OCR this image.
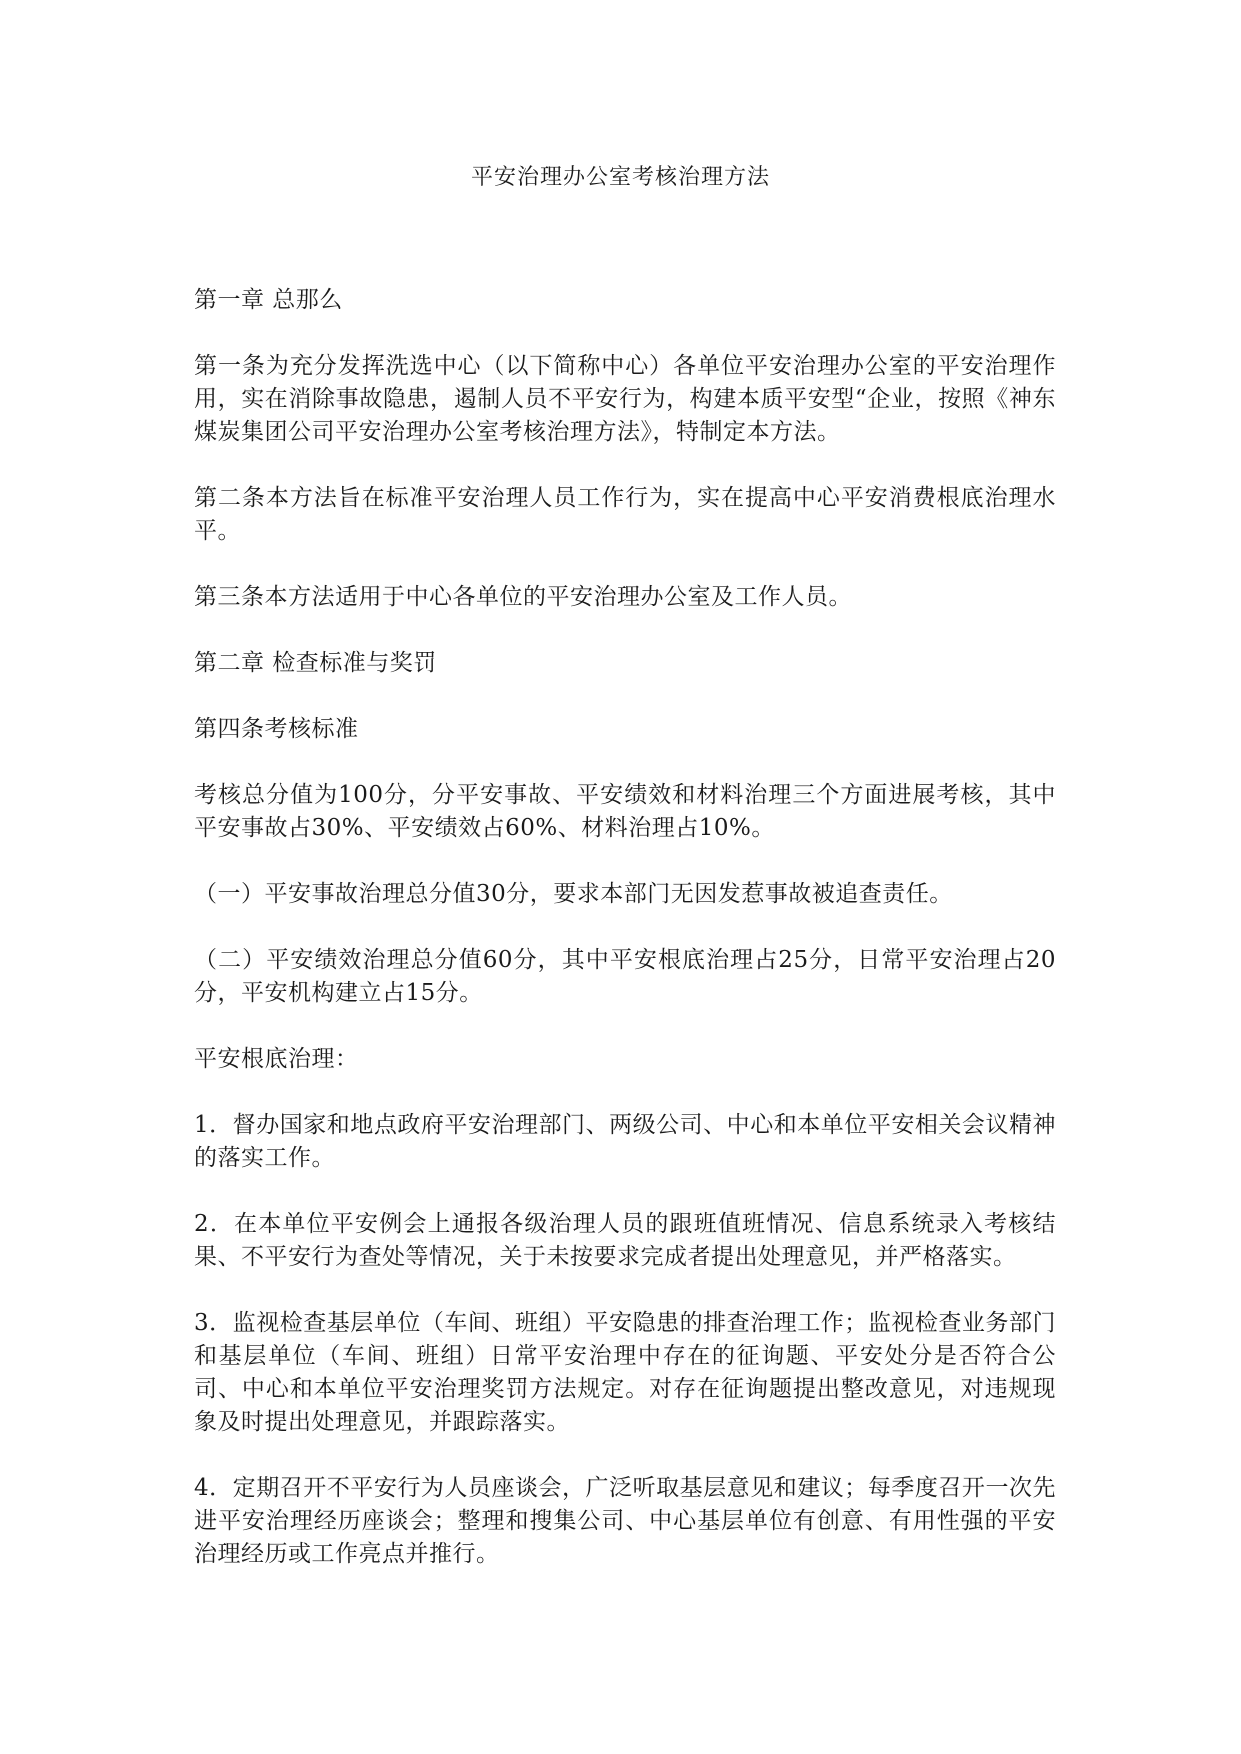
平安治理办公室考核治理方法

第一章 总那么

第一条为充分发挥洗选中心（以下简称中心）各单位平安治理办公室的平安治理作用，实在消除事故隐患，遏制人员不平安行为，构建本质平安型“企业，按照《神东煤炭集团公司平安治理办公室考核治理方法》，特制定本方法。

第二条本方法旨在标准平安治理人员工作行为，实在提高中心平安消费根底治理水平。

第三条本方法适用于中心各单位的平安治理办公室及工作人员。

第二章 检查标准与奖罚

第四条考核标准

考核总分值为100分，分平安事故、平安绩效和材料治理三个方面进展考核，其中平安事故占30%、平安绩效占60%、材料治理占10%。

（一）平安事故治理总分值30分，要求本部门无因发惹事故被追查责任。

（二）平安绩效治理总分值60分，其中平安根底治理占25分，日常平安治理占20分，平安机构建立占15分。

平安根底治理：

1．督办国家和地点政府平安治理部门、两级公司、中心和本单位平安相关会议精神的落实工作。

2．在本单位平安例会上通报各级治理人员的跟班值班情况、信息系统录入考核结果、不平安行为查处等情况，关于未按要求完成者提出处理意见，并严格落实。

3．监视检查基层单位（车间、班组）平安隐患的排查治理工作；监视检查业务部门和基层单位（车间、班组）日常平安治理中存在的征询题、平安处分是否符合公司、中心和本单位平安治理奖罚方法规定。对存在征询题提出整改意见，对违规现象及时提出处理意见，并跟踪落实。

4．定期召开不平安行为人员座谈会，广泛听取基层意见和建议；每季度召开一次先进平安治理经历座谈会；整理和搜集公司、中心基层单位有创意、有用性强的平安治理经历或工作亮点并推行。
